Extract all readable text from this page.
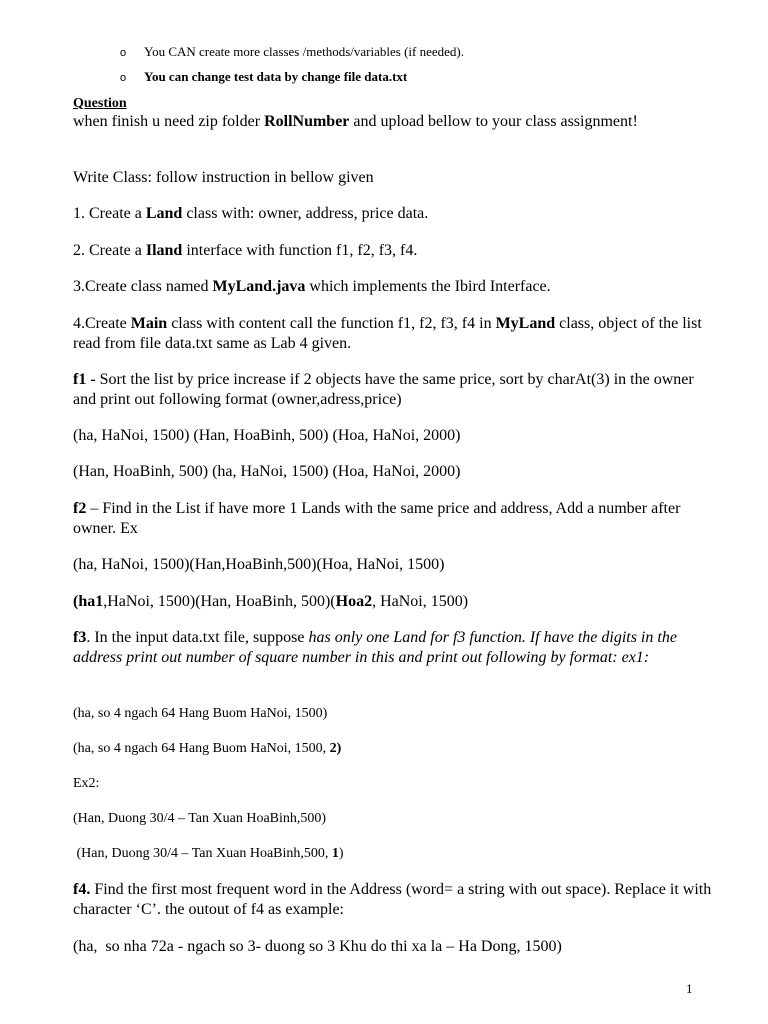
o You CAN create more classes /methods/variables (if needed).
o You can change test data by change file data.txt
Question
when finish u need zip folder RollNumber and upload bellow to your class assignment!
Write Class: follow instruction in bellow given
1. Create a Land class with: owner, address, price data.
2. Create a Iland interface with function f1, f2, f3, f4.
3.Create class named MyLand.java which implements the Ibird Interface.
4.Create Main class with content call the function f1, f2, f3, f4 in MyLand class, object of the list read from file data.txt same as Lab 4 given.
f1 - Sort the list by price increase if 2 objects have the same price, sort by charAt(3) in the owner and print out following format (owner,adress,price)
(ha, HaNoi, 1500) (Han, HoaBinh, 500) (Hoa, HaNoi, 2000)
(Han, HoaBinh, 500) (ha, HaNoi, 1500) (Hoa, HaNoi, 2000)
f2 – Find in the List if have more 1 Lands with the same price and address, Add a number after owner. Ex
(ha, HaNoi, 1500)(Han,HoaBinh,500)(Hoa, HaNoi, 1500)
(ha1,HaNoi, 1500)(Han, HoaBinh, 500)(Hoa2, HaNoi, 1500)
f3. In the input data.txt file, suppose has only one Land for f3 function. If have the digits in the address print out number of square number in this and print out following by format: ex1:
(ha, so 4 ngach 64 Hang Buom HaNoi, 1500)
(ha, so 4 ngach 64 Hang Buom HaNoi, 1500, 2)
Ex2:
(Han, Duong 30/4 – Tan Xuan HoaBinh,500)
(Han, Duong 30/4 – Tan Xuan HoaBinh,500, 1)
f4. Find the first most frequent word in the Address (word= a string with out space). Replace it with character ‘C’. the outout of f4 as example:
(ha,  so nha 72a - ngach so 3- duong so 3 Khu do thi xa la – Ha Dong, 1500)
1
